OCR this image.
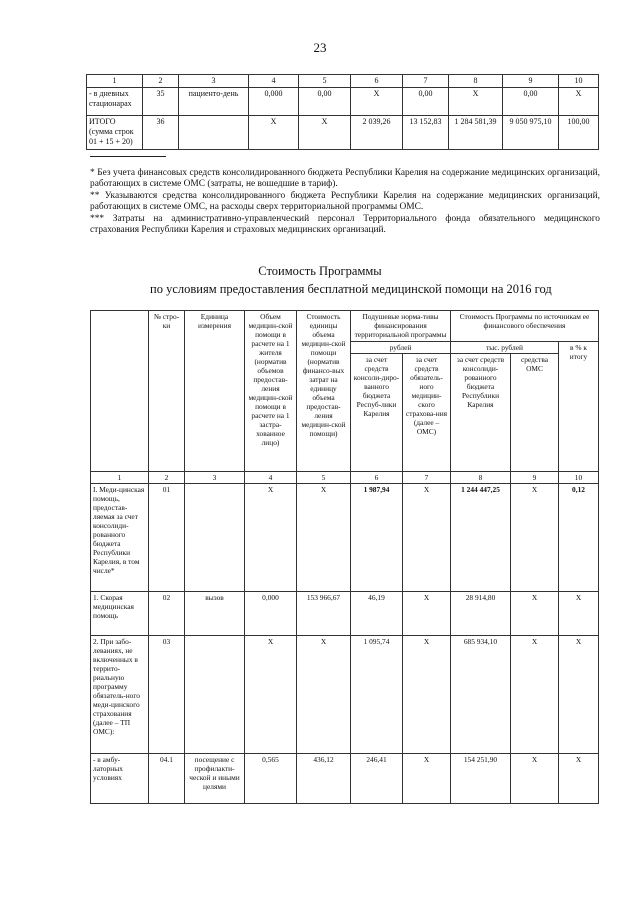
23
1	2	3	4	5	6	7	8	9	10
- в дневных стационарах	35	пациенто-день	0,000	0,00	Х	0,00	Х	0,00	Х
ИТОГО (сумма строк 01 + 15 + 20)	36		Х	Х	2 039,26	13 152,83	1 284 581,39	9 050 975,10	100,00

* Без учета финансовых средств консолидированного бюджета Республики Карелия на содержание медицинских организаций, работающих в системе ОМС (затраты, не вошедшие в тариф).

** Указываются средства консолидированного бюджета Республики Карелия на содержание медицинских организаций, работающих в системе ОМС, на расходы сверх территориальной программы ОМС.

*** Затраты на административно-управленческий персонал Территориального фонда обязательного медицинского страхования Республики Карелия и страховых медицинских организаций.

Стоимость Программы
по условиям предоставления бесплатной медицинской помощи на 2016 год
	№ стро-ки	Единица измерения	Объем медицин-ской помощи в расчете на 1 жителя (норматив объемов предостав-ления медицин-ской помощи в расчете на 1 застра-хованное лицо)	Стоимость единицы объема медицин-ской помощи (норматив финансо-вых затрат на единицу объема предостав-ления медицин-ской помощи)	Подушевые норма-тивы финансирования территориальной программы		Стоимость Программы по источникам ее финансового обеспечения		
					рублей		тыс. рублей		в % к итогу
					за счет средств консоли-диро-ванного бюджета Респуб-лики Карелия	за счет средств обязатель-ного медицин-ского страхова-ния (далее – ОМС)	за счет средств консолиди-рованного бюджета Республики Карелия	средства ОМС	
1	2	3	4	5	6	7	8	9	10
I. Меди-цинская помощь, предостав-ляемая за счет консолиди-рованного бюджета Республики Карелия, в том числе*	01		Х	Х	1 987,94	Х	1 244 447,25	Х	0,12
1. Скорая медицинская помощь	02	вызов	0,000	153 966,67	46,19	Х	28 914,80	Х	Х
2. При забо-леваниях, не включенных в террито-риальную программу обязатель-ного меди-цинского страхования (далее – ТП ОМС):	03		Х	Х	1 095,74	Х	685 934,10	Х	Х
- в амбу-латорных условиях	04.1	посещение с профилакти-ческой и иными целями	0,565	436,12	246,41	Х	154 251,90	Х	Х
